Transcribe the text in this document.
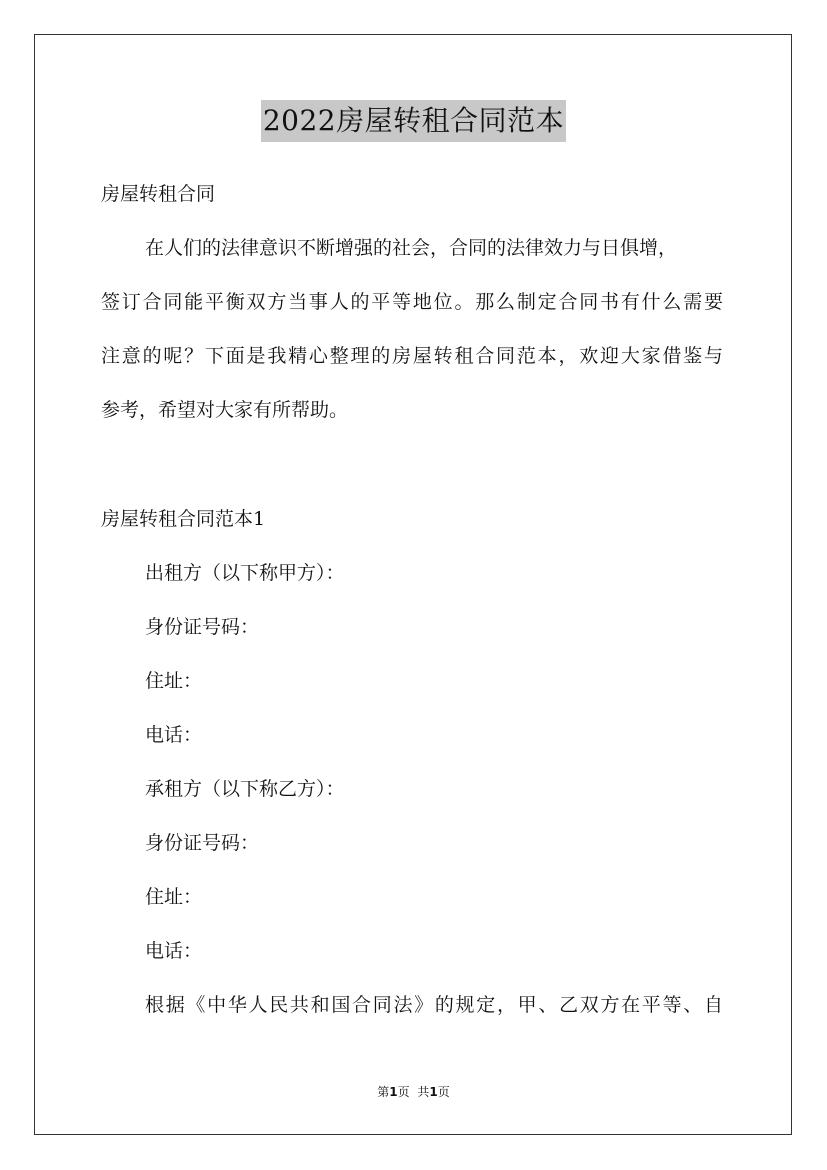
2022房屋转租合同范本
房屋转租合同
在人们的法律意识不断增强的社会，合同的法律效力与日俱增，
签订合同能平衡双方当事人的平等地位。那么制定合同书有什么需要
注意的呢？下面是我精心整理的房屋转租合同范本，欢迎大家借鉴与
参考，希望对大家有所帮助。
房屋转租合同范本1
出租方（以下称甲方）：
身份证号码：
住址：
电话：
承租方（以下称乙方）：
身份证号码：
住址：
电话：
根据《中华人民共和国合同法》的规定，甲、乙双方在平等、自
第1页 共1页
